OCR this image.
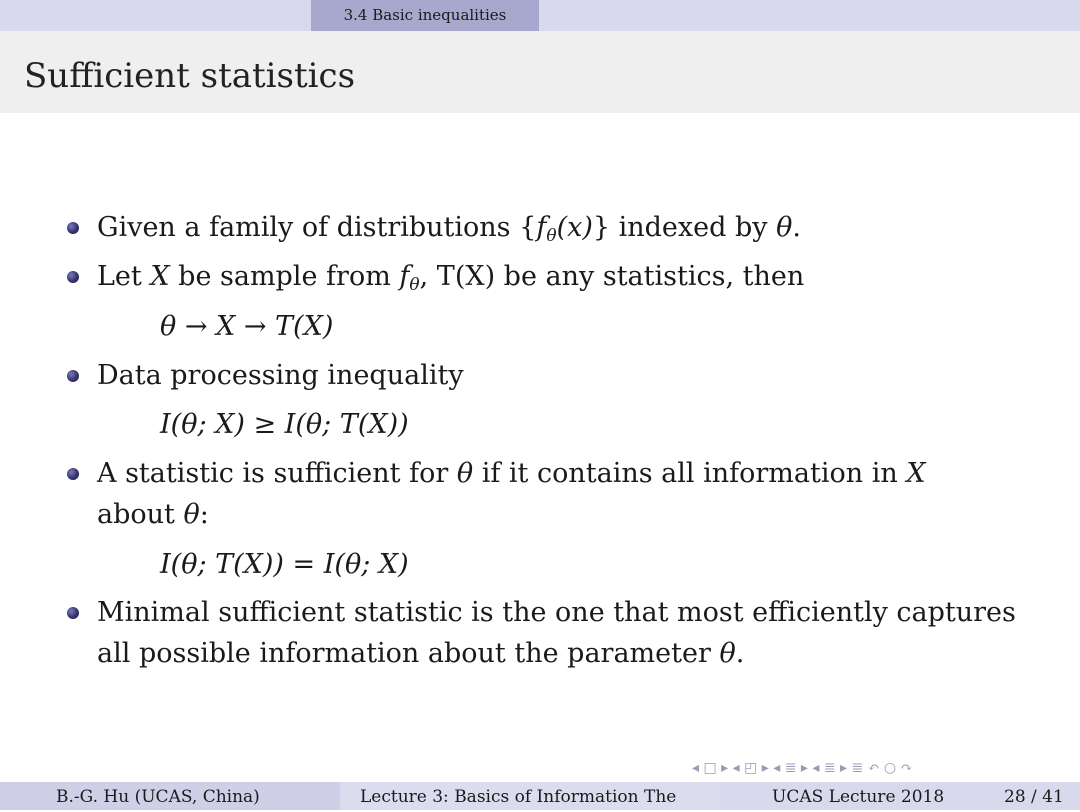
3.4 Basic inequalities
Sufficient statistics
Given a family of distributions $\{f_\theta(x)\}$ indexed by θ.
Let X be sample from $f_\theta$, T(X) be any statistics, then
θ → X → T(X)
Data processing inequality
I(θ; X) ≥ I(θ; T(X))
A statistic is sufficient for θ if it contains all information in X
about θ:
I(θ; T(X)) = I(θ; X)
Minimal sufficient statistic is the one that most efficiently captures
all possible information about the parameter θ.
◂ □ ▸ ◂ ◰ ▸ ◂ ≣ ▸ ◂ ≣ ▸ ≣ ↶ ○ ↷
B.-G. Hu (UCAS, China)	Lecture 3: Basics of Information The	UCAS Lecture 2018	28 / 41
